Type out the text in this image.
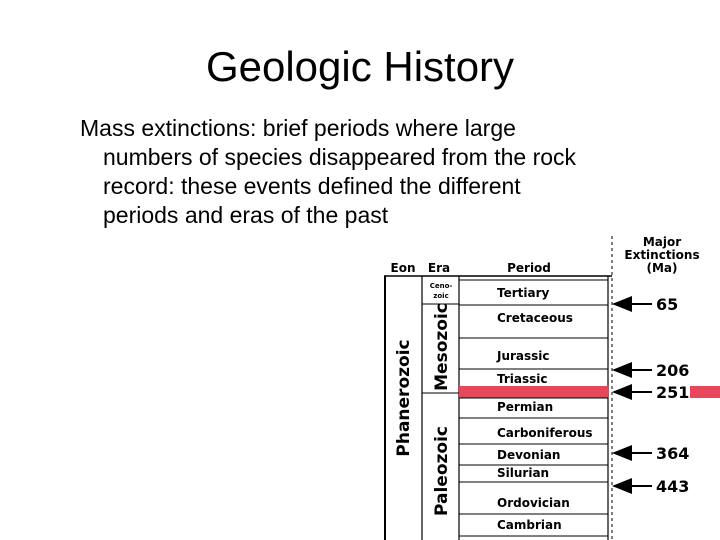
Geologic History
Mass extinctions: brief periods where large
numbers of species disappeared from the rock
record: these events defined the different
periods and eras of the past
Major
Extinctions
(Ma)
Eon Era	Period
Phanerozoic
Ceno-
zoic
Mesozoic
Paleozoic
Tertiary
Cretaceous
Jurassic
Triassic
Permian
Carboniferous
Devonian
Silurian
Ordovician
Cambrian
65
206
251
364
443
